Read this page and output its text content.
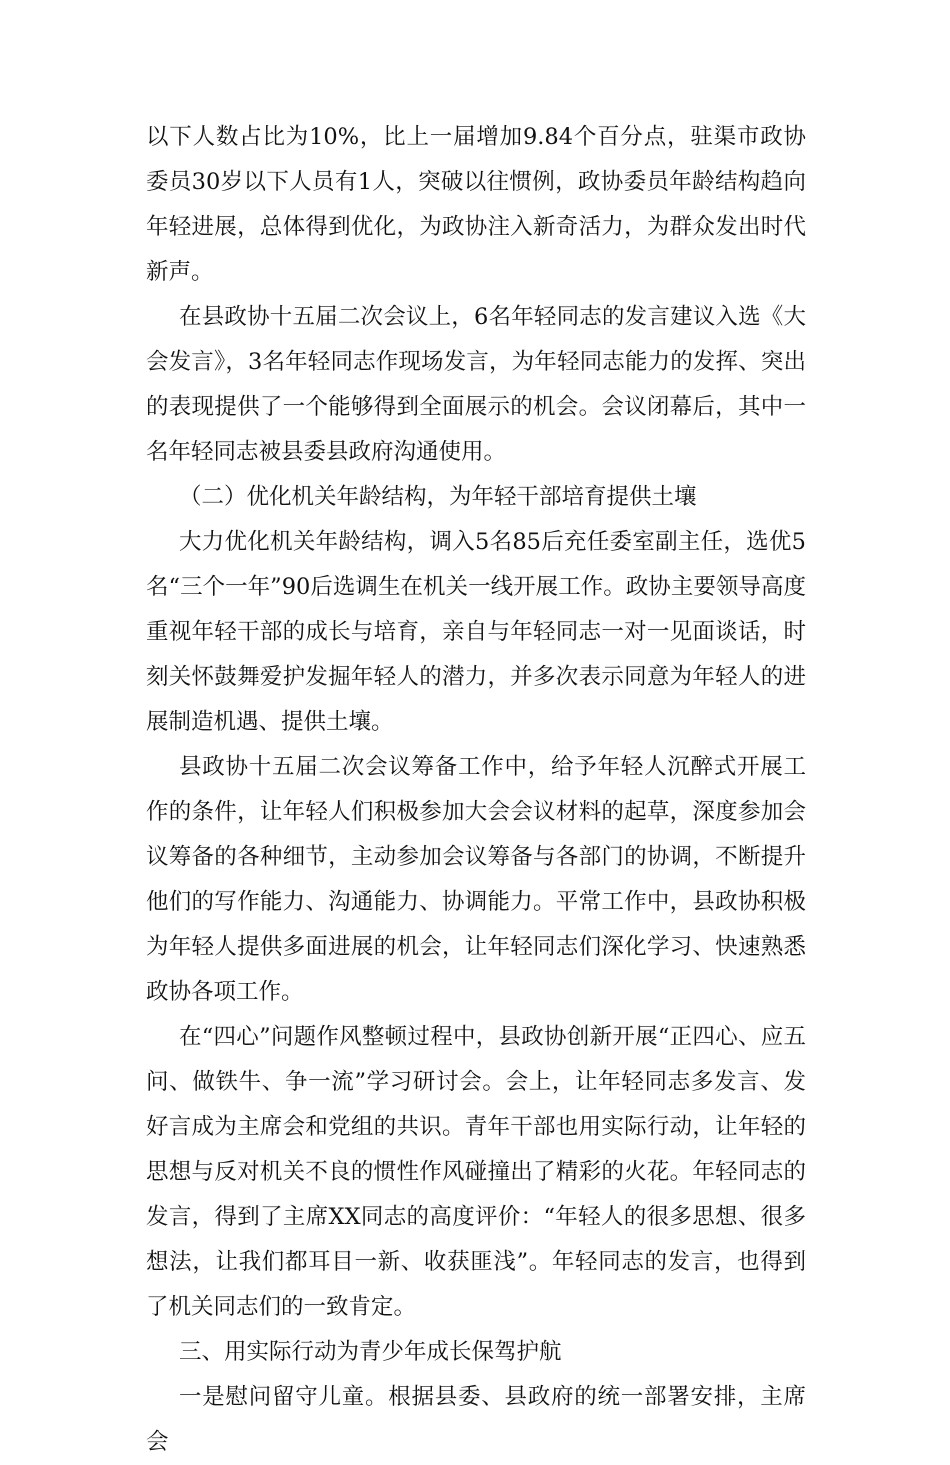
以下人数占比为10%，比上一届增加9.84个百分点，驻渠市政协委员30岁以下人员有1人，突破以往惯例，政协委员年龄结构趋向年轻进展，总体得到优化，为政协注入新奇活力，为群众发出时代新声。

在县政协十五届二次会议上，6名年轻同志的发言建议入选《大会发言》，3名年轻同志作现场发言，为年轻同志能力的发挥、突出的表现提供了一个能够得到全面展示的机会。会议闭幕后，其中一名年轻同志被县委县政府沟通使用。

（二）优化机关年龄结构，为年轻干部培育提供土壤

大力优化机关年龄结构，调入5名85后充任委室副主任，选优5名“三个一年”90后选调生在机关一线开展工作。政协主要领导高度重视年轻干部的成长与培育，亲自与年轻同志一对一见面谈话，时刻关怀鼓舞爱护发掘年轻人的潜力，并多次表示同意为年轻人的进展制造机遇、提供土壤。

县政协十五届二次会议筹备工作中，给予年轻人沉醉式开展工作的条件，让年轻人们积极参加大会会议材料的起草，深度参加会议筹备的各种细节，主动参加会议筹备与各部门的协调，不断提升他们的写作能力、沟通能力、协调能力。平常工作中，县政协积极为年轻人提供多面进展的机会，让年轻同志们深化学习、快速熟悉政协各项工作。

在“四心”问题作风整顿过程中，县政协创新开展“正四心、应五问、做铁牛、争一流”学习研讨会。会上，让年轻同志多发言、发好言成为主席会和党组的共识。青年干部也用实际行动，让年轻的思想与反对机关不良的惯性作风碰撞出了精彩的火花。年轻同志的发言，得到了主席XX同志的高度评价：“年轻人的很多思想、很多想法，让我们都耳目一新、收获匪浅”。年轻同志的发言，也得到了机关同志们的一致肯定。

三、用实际行动为青少年成长保驾护航

一是慰问留守儿童。根据县委、县政府的统一部署安排，主席会
